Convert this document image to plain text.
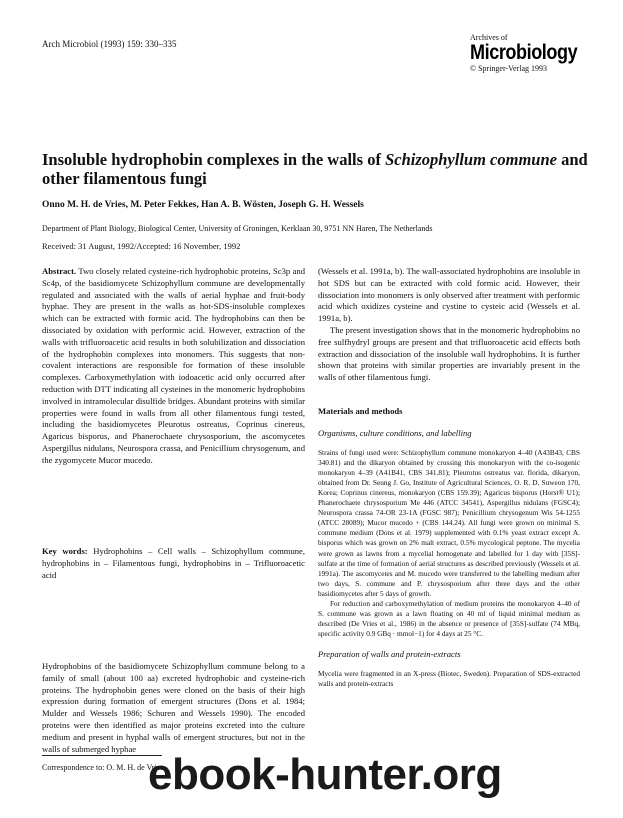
Arch Microbiol (1993) 159: 330–335
Archives of
Microbiology
© Springer-Verlag 1993
Insoluble hydrophobin complexes in the walls of Schizophyllum commune and other filamentous fungi
Onno M. H. de Vries, M. Peter Fekkes, Han A. B. Wösten, Joseph G. H. Wessels
Department of Plant Biology, Biological Center, University of Groningen, Kerklaan 30, 9751 NN Haren, The Netherlands
Received: 31 August, 1992/Accepted: 16 November, 1992

Abstract. Two closely related cysteine-rich hydrophobic proteins, Sc3p and Sc4p, of the basidiomycete Schizophyllum commune are developmentally regulated and associated with the walls of aerial hyphae and fruit-body hyphae. They are present in the walls as hot-SDS-insoluble complexes which can be extracted with formic acid. The hydrophobins can then be dissociated by oxidation with performic acid. However, extraction of the walls with trifluoroacetic acid results in both solubilization and dissociation of the hydrophobin complexes into monomers. This suggests that non-covalent interactions are responsible for formation of these insoluble complexes. Carboxymethylation with iodoacetic acid only occurred after reduction with DTT indicating all cysteines in the monomeric hydrophobins involved in intramolecular disulfide bridges. Abundant proteins with similar properties were found in walls from all other filamentous fungi tested, including the basidiomycetes Pleurotus ostreatus, Coprinus cinereus, Agaricus bisporus, and Phanerochaete chrysosporium, the ascomycetes Aspergillus nidulans, Neurospora crassa, and Penicillium chrysogenum, and the zygomycete Mucor mucedo.

Key words: Hydrophobins – Cell walls – Schizophyllum commune, hydrophobins in – Filamentous fungi, hydrophobins in – Trifluoroacetic acid

Hydrophobins of the basidiomycete Schizophyllum commune belong to a family of small (about 100 aa) excreted hydrophobic and cysteine-rich proteins. The hydrophobin genes were cloned on the basis of their high expression during formation of emergent structures (Dons et al. 1984; Mulder and Wessels 1986; Schuren and Wessels 1990). The encoded proteins were then identified as major proteins excreted into the culture medium and present in hyphal walls of emergent structures, but not in the walls of submerged hyphae

(Wessels et al. 1991a, b). The wall-associated hydrophobins are insoluble in hot SDS but can be extracted with cold formic acid. However, their dissociation into monomers is only observed after treatment with performic acid which oxidizes cysteine and cystine to cysteic acid (Wessels et al. 1991a, b).

The present investigation shows that in the monomeric hydrophobins no free sulfhydryl groups are present and that trifluoroacetic acid effects both extraction and dissociation of the insoluble wall hydrophobins. It is further shown that proteins with similar properties are invariably present in the walls of other filamentous fungi.

Materials and methods

Organisms, culture conditions, and labelling

Strains of fungi used were: Schizophyllum commune monokaryon 4–40 (A43B43, CBS 340.81) and the dikaryon obtained by crossing this monokaryon with the co-isogenic monokaryon 4–39 (A41B41, CBS 341.81); Pleurotus ostreatus var. florida, dikaryon, obtained from Dr. Seung J. Go, Institute of Agricultural Sciences, O. R. D. Suweon 170, Korea; Coprinus cinereus, monokaryon (CBS 159.39); Agaricus bisporus (Horst® U1); Phanerochaete chrysosporium Me 446 (ATCC 34541), Aspergillus nidulans (FGSC4); Neurospora crassa 74-OR 23-1A (FGSC 987); Penicillium chrysogenum Wis 54-1255 (ATCC 28089); Mucor mucedo + (CBS 144.24). All fungi were grown on minimal S. commune medium (Dons et al. 1979) supplemented with 0.1% yeast extract except A. bisporus which was grown on 2% malt extract, 0.5% mycological peptone. The mycelia were grown as lawns from a mycelial homogenate and labelled for 1 day with [35S]-sulfate at the time of formation of aerial structures as described previously (Wessels et al. 1991a). The ascomycetes and M. mucedo were transferred to the labelling medium after two days, S. commune and P. chrysosporium after three days and the other basidiomycetes after 5 days of growth.

For reduction and carboxymethylation of medium proteins the monokaryon 4–40 of S. commune was grown as a lawn floating on 40 ml of liquid minimal medium as described (De Vries et al., 1986) in the absence or presence of [35S]-sulfate (74 MBq, specific activity 0.9 GBq · mmol−1) for 4 days at 25 °C.

Preparation of walls and protein-extracts

Mycelia were fragmented in an X-press (Biotec, Sweden). Preparation of SDS-extracted walls and protein-extracts

Correspondence to: O. M. H. de Vries
ebook-hunter.org
